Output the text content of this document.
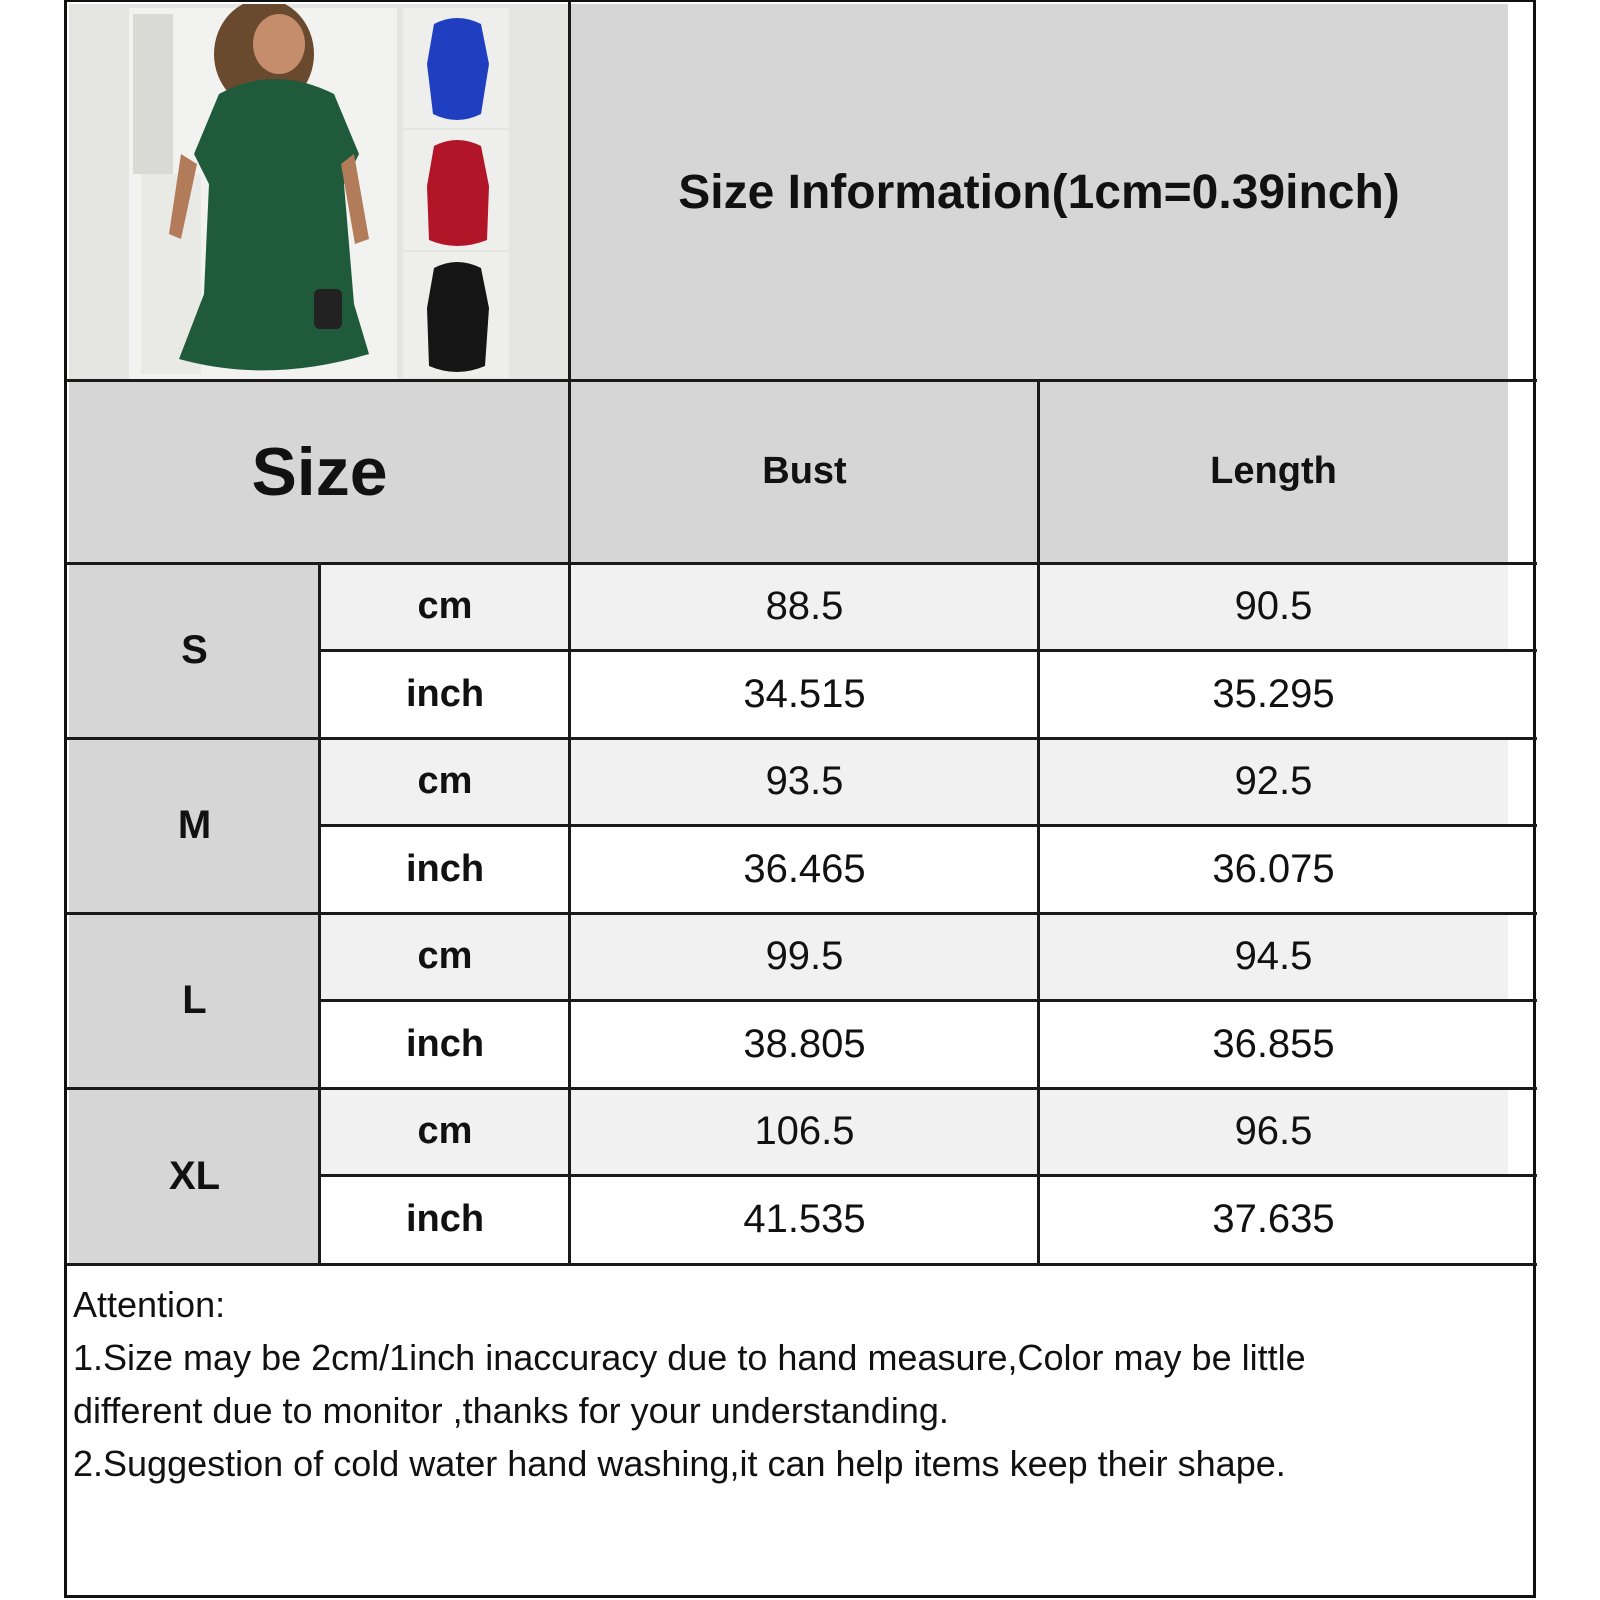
Size Information(1cm=0.39inch)
Size	Bust	Length
S
cm	88.5	90.5
inch	34.515	35.295
M
cm	93.5	92.5
inch	36.465	36.075
L
cm	99.5	94.5
inch	38.805	36.855
XL
cm	106.5	96.5
inch	41.535	37.635
Attention:
1.Size may be 2cm/1inch inaccuracy due to hand measure,Color may be little
different due to monitor ,thanks for your understanding.
2.Suggestion of cold water hand washing,it can help items keep their shape.
